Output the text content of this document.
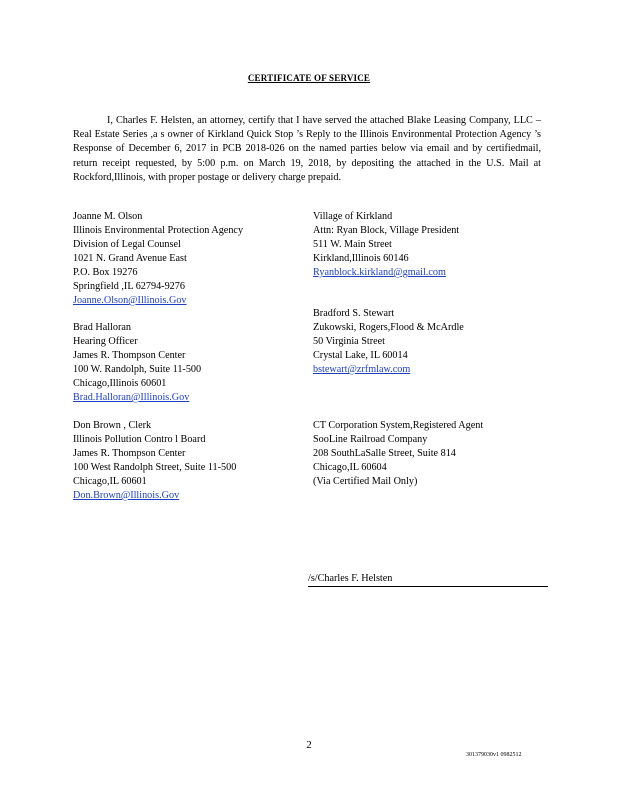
CERTIFICATE OF SERVICE
I, Charles F. Helsten, an attorney, certify that I have served the attached Blake Leasing Company, LLC –Real Estate Series ,a s owner of Kirkland Quick Stop ’s Reply to the Illinois Environmental Protection Agency ’s Response of December 6, 2017 in PCB 2018-026 on the named parties below via email and by certifiedmail, return receipt requested, by 5:00 p.m. on March 19, 2018, by depositing the attached in the U.S. Mail at Rockford,Illinois, with proper postage or delivery charge prepaid.
Joanne M. Olson
Illinois Environmental Protection Agency
Division of Legal Counsel
1021 N. Grand Avenue East
P.O. Box 19276
Springfield ,IL 62794-9276
Joanne.Olson@Illinois.Gov
Brad Halloran
Hearing Officer
James R. Thompson Center
100 W. Randolph, Suite 11-500
Chicago,Illinois 60601
Brad.Halloran@Illinois.Gov
Don Brown , Clerk
Illinois Pollution Contro l Board
James R. Thompson Center
100 West Randolph Street, Suite 11-500
Chicago,IL 60601
Don.Brown@Illinois.Gov
Village of Kirkland
Attn: Ryan Block, Village President
511 W. Main Street
Kirkland,Illinois 60146
Ryanblock.kirkland@gmail.com
Bradford S. Stewart
Zukowski, Rogers,Flood & McArdle
50 Virginia Street
Crystal Lake, IL 60014
bstewart@zrfmlaw.com
CT Corporation System,Registered Agent
SooLine Railroad Company
208 SouthLaSalle Street, Suite 814
Chicago,IL 60604
(Via Certified Mail Only)
/s/Charles F. Helsten
2
301379030v1 0982512
